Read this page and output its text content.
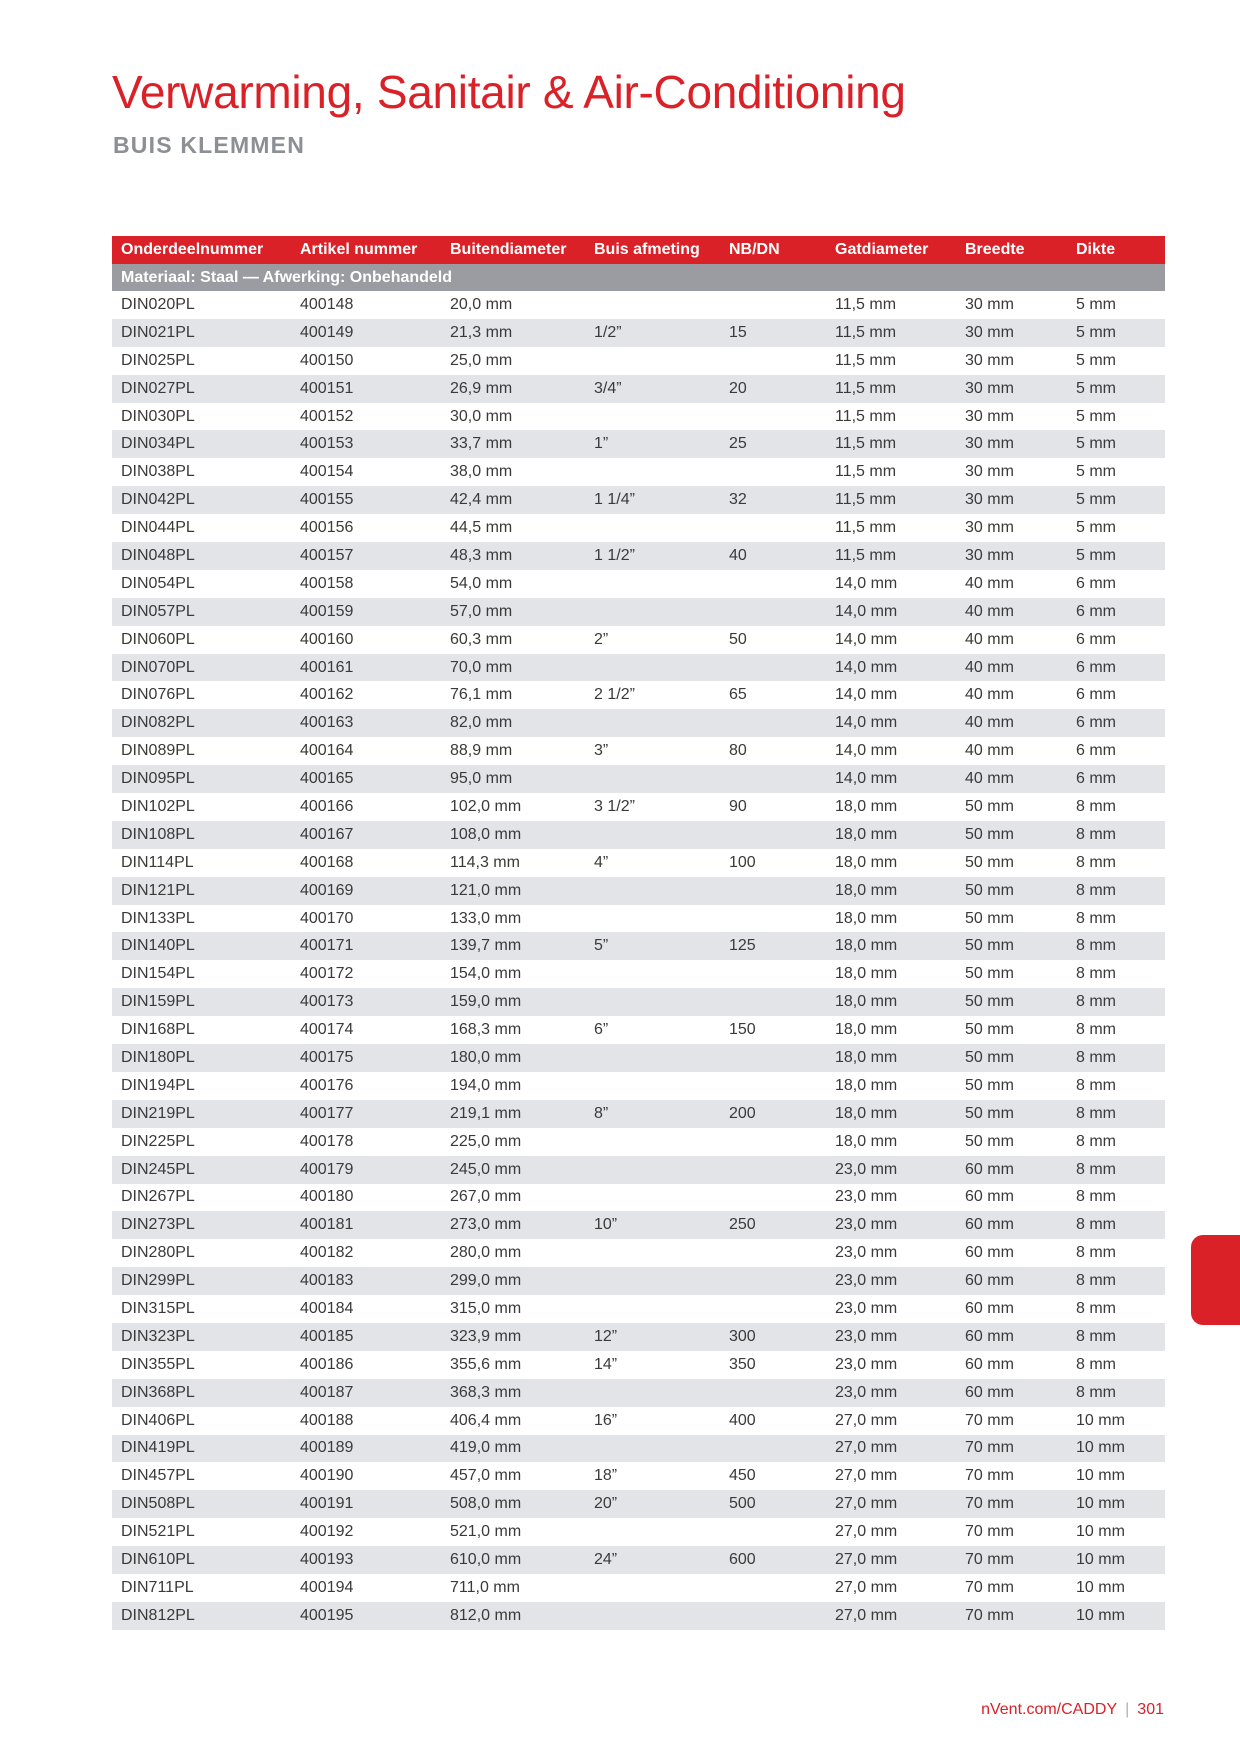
Verwarming, Sanitair & Air-Conditioning
BUIS KLEMMEN
Onderdeelnummer	Artikel nummer	Buitendiameter	Buis afmeting	NB/DN	Gatdiameter	Breedte	Dikte
Materiaal: Staal — Afwerking: Onbehandeld							
DIN020PL	400148	20,0 mm			11,5 mm	30 mm	5 mm
DIN021PL	400149	21,3 mm	1/2”	15	11,5 mm	30 mm	5 mm
DIN025PL	400150	25,0 mm			11,5 mm	30 mm	5 mm
DIN027PL	400151	26,9 mm	3/4”	20	11,5 mm	30 mm	5 mm
DIN030PL	400152	30,0 mm			11,5 mm	30 mm	5 mm
DIN034PL	400153	33,7 mm	1”	25	11,5 mm	30 mm	5 mm
DIN038PL	400154	38,0 mm			11,5 mm	30 mm	5 mm
DIN042PL	400155	42,4 mm	1 1/4”	32	11,5 mm	30 mm	5 mm
DIN044PL	400156	44,5 mm			11,5 mm	30 mm	5 mm
DIN048PL	400157	48,3 mm	1 1/2”	40	11,5 mm	30 mm	5 mm
DIN054PL	400158	54,0 mm			14,0 mm	40 mm	6 mm
DIN057PL	400159	57,0 mm			14,0 mm	40 mm	6 mm
DIN060PL	400160	60,3 mm	2”	50	14,0 mm	40 mm	6 mm
DIN070PL	400161	70,0 mm			14,0 mm	40 mm	6 mm
DIN076PL	400162	76,1 mm	2 1/2”	65	14,0 mm	40 mm	6 mm
DIN082PL	400163	82,0 mm			14,0 mm	40 mm	6 mm
DIN089PL	400164	88,9 mm	3”	80	14,0 mm	40 mm	6 mm
DIN095PL	400165	95,0 mm			14,0 mm	40 mm	6 mm
DIN102PL	400166	102,0 mm	3 1/2”	90	18,0 mm	50 mm	8 mm
DIN108PL	400167	108,0 mm			18,0 mm	50 mm	8 mm
DIN114PL	400168	114,3 mm	4”	100	18,0 mm	50 mm	8 mm
DIN121PL	400169	121,0 mm			18,0 mm	50 mm	8 mm
DIN133PL	400170	133,0 mm			18,0 mm	50 mm	8 mm
DIN140PL	400171	139,7 mm	5”	125	18,0 mm	50 mm	8 mm
DIN154PL	400172	154,0 mm			18,0 mm	50 mm	8 mm
DIN159PL	400173	159,0 mm			18,0 mm	50 mm	8 mm
DIN168PL	400174	168,3 mm	6”	150	18,0 mm	50 mm	8 mm
DIN180PL	400175	180,0 mm			18,0 mm	50 mm	8 mm
DIN194PL	400176	194,0 mm			18,0 mm	50 mm	8 mm
DIN219PL	400177	219,1 mm	8”	200	18,0 mm	50 mm	8 mm
DIN225PL	400178	225,0 mm			18,0 mm	50 mm	8 mm
DIN245PL	400179	245,0 mm			23,0 mm	60 mm	8 mm
DIN267PL	400180	267,0 mm			23,0 mm	60 mm	8 mm
DIN273PL	400181	273,0 mm	10”	250	23,0 mm	60 mm	8 mm
DIN280PL	400182	280,0 mm			23,0 mm	60 mm	8 mm
DIN299PL	400183	299,0 mm			23,0 mm	60 mm	8 mm
DIN315PL	400184	315,0 mm			23,0 mm	60 mm	8 mm
DIN323PL	400185	323,9 mm	12”	300	23,0 mm	60 mm	8 mm
DIN355PL	400186	355,6 mm	14”	350	23,0 mm	60 mm	8 mm
DIN368PL	400187	368,3 mm			23,0 mm	60 mm	8 mm
DIN406PL	400188	406,4 mm	16”	400	27,0 mm	70 mm	10 mm
DIN419PL	400189	419,0 mm			27,0 mm	70 mm	10 mm
DIN457PL	400190	457,0 mm	18”	450	27,0 mm	70 mm	10 mm
DIN508PL	400191	508,0 mm	20”	500	27,0 mm	70 mm	10 mm
DIN521PL	400192	521,0 mm			27,0 mm	70 mm	10 mm
DIN610PL	400193	610,0 mm	24”	600	27,0 mm	70 mm	10 mm
DIN711PL	400194	711,0 mm			27,0 mm	70 mm	10 mm
DIN812PL	400195	812,0 mm			27,0 mm	70 mm	10 mm
nVent.com/CADDY | 301
